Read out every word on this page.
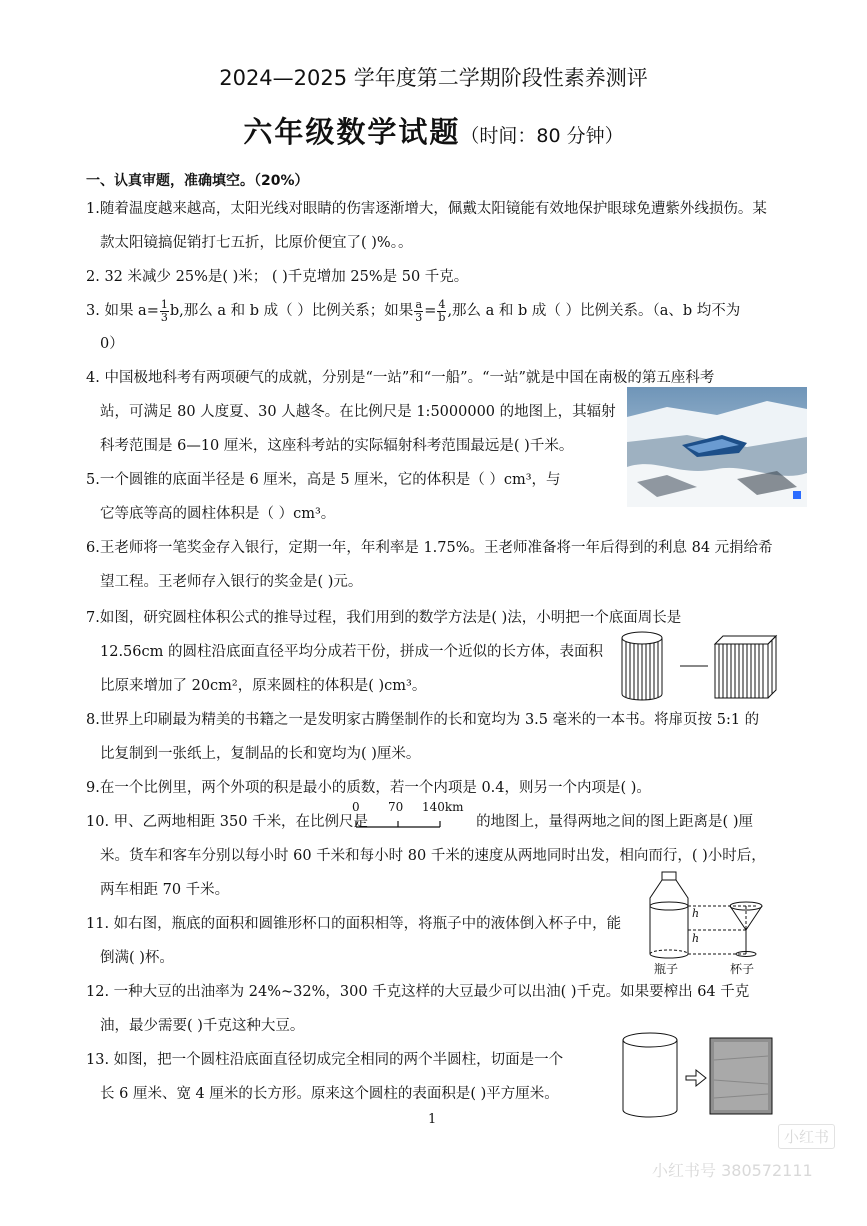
2024—2025 学年度第二学期阶段性素养测评
六年级数学试题（时间：80 分钟）
一、认真审题，准确填空。（20%）
1.随着温度越来越高，太阳光线对眼睛的伤害逐渐增大，佩戴太阳镜能有效地保护眼球免遭紫外线损伤。某
款太阳镜搞促销打七五折，比原价便宜了( )%。。
2. 32 米减少 25%是( )米； ( )千克增加 25%是 50 千克。
3. 如果 $a= \frac{1}{3} b$,那么 a 和 b 成（ ）比例关系；如果 $\frac{a}{3} = \frac{4}{b}$ ,那么 a 和 b 成（ ）比例关系。（a、b 均不为
0）
4. 中国极地科考有两项硬气的成就，分别是“一站”和“一船”。“一站”就是中国在南极的第五座科考
站，可满足 80 人度夏、30 人越冬。在比例尺是 1:5000000 的地图上，其辐射
科考范围是 6—10 厘米，这座科考站的实际辐射科考范围最远是( )千米。
5.一个圆锥的底面半径是 6 厘米，高是 5 厘米，它的体积是（ ）cm³，与
它等底等高的圆柱体积是（ ）cm³。
6.王老师将一笔奖金存入银行，定期一年，年利率是 1.75%。王老师准备将一年后得到的利息 84 元捐给希
望工程。王老师存入银行的奖金是( )元。
7.如图，研究圆柱体积公式的推导过程，我们用到的数学方法是( )法，小明把一个底面周长是
12.56cm 的圆柱沿底面直径平均分成若干份，拼成一个近似的长方体，表面积
比原来增加了 20cm²，原来圆柱的体积是( )cm³。
8.世界上印刷最为精美的书籍之一是发明家古腾堡制作的长和宽均为 3.5 毫米的一本书。将扉页按 5:1 的
比复制到一张纸上，复制品的长和宽均为( )厘米。
9.在一个比例里，两个外项的积是最小的质数，若一个内项是 0.4，则另一个内项是( )。
10. 甲、乙两地相距 350 千米，在比例尺是	的地图上，量得两地之间的图上距离是( )厘
0 70 140km
米。货车和客车分别以每小时 60 千米和每小时 80 千米的速度从两地同时出发，相向而行，( )小时后，
两车相距 70 千米。
11. 如右图，瓶底的面积和圆锥形杯口的面积相等，将瓶子中的液体倒入杯子中，能
倒满( )杯。
h
h
瓶子	杯子
12. 一种大豆的出油率为 24%~32%，300 千克这样的大豆最少可以出油( )千克。如果要榨出 64 千克
油，最少需要( )千克这种大豆。
13. 如图，把一个圆柱沿底面直径切成完全相同的两个半圆柱，切面是一个
长 6 厘米、宽 4 厘米的长方形。原来这个圆柱的表面积是( )平方厘米。
1
小红书
小红书号 380572111
